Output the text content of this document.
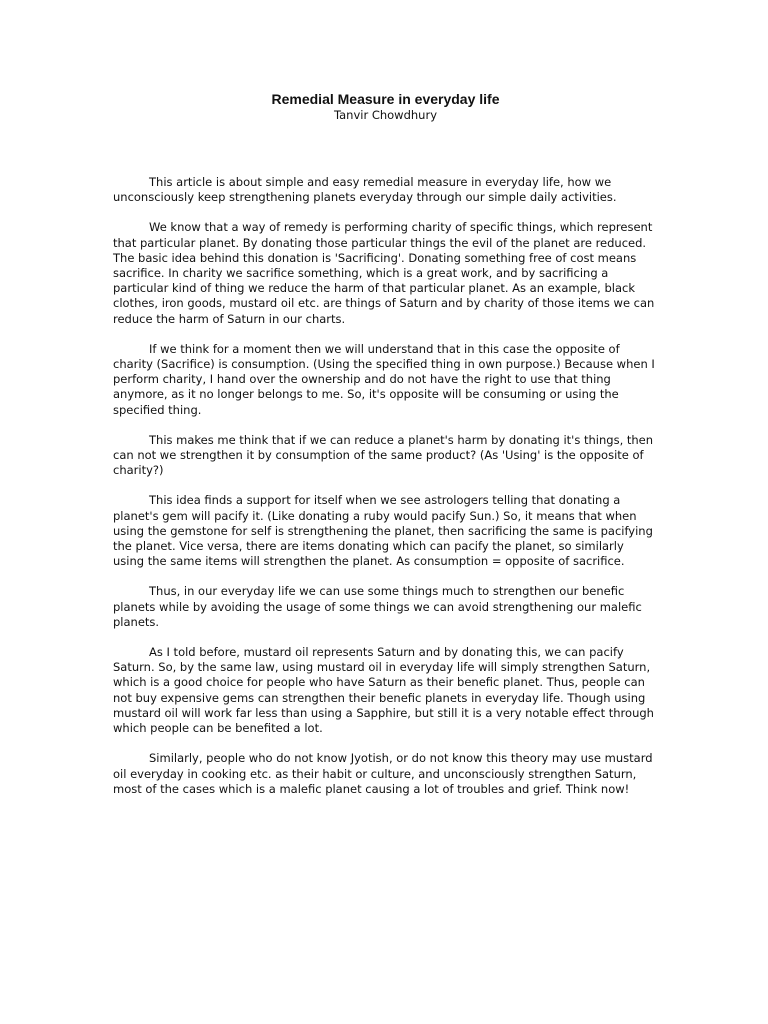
Remedial Measure in everyday life
Tanvir Chowdhury

This article is about simple and easy remedial measure in everyday life, how we unconsciously keep strengthening planets everyday through our simple daily activities.

We know that a way of remedy is performing charity of specific things, which represent that particular planet. By donating those particular things the evil of the planet are reduced. The basic idea behind this donation is 'Sacrificing'. Donating something free of cost means sacrifice. In charity we sacrifice something, which is a great work, and by sacrificing a particular kind of thing we reduce the harm of that particular planet. As an example, black clothes, iron goods, mustard oil etc. are things of Saturn and by charity of those items we can reduce the harm of Saturn in our charts.

If we think for a moment then we will understand that in this case the opposite of charity (Sacrifice) is consumption. (Using the specified thing in own purpose.) Because when I perform charity, I hand over the ownership and do not have the right to use that thing anymore, as it no longer belongs to me. So, it's opposite will be consuming or using the specified thing.

This makes me think that if we can reduce a planet's harm by donating it's things, then can not we strengthen it by consumption of the same product? (As 'Using' is the opposite of charity?)

This idea finds a support for itself when we see astrologers telling that donating a planet's gem will pacify it. (Like donating a ruby would pacify Sun.) So, it means that when using the gemstone for self is strengthening the planet, then sacrificing the same is pacifying the planet. Vice versa, there are items donating which can pacify the planet, so similarly using the same items will strengthen the planet. As consumption = opposite of sacrifice.

Thus, in our everyday life we can use some things much to strengthen our benefic planets while by avoiding the usage of some things we can avoid strengthening our malefic planets.

As I told before, mustard oil represents Saturn and by donating this, we can pacify Saturn. So, by the same law, using mustard oil in everyday life will simply strengthen Saturn, which is a good choice for people who have Saturn as their benefic planet. Thus, people can not buy expensive gems can strengthen their benefic planets in everyday life. Though using mustard oil will work far less than using a Sapphire, but still it is a very notable effect through which people can be benefited a lot.

Similarly, people who do not know Jyotish, or do not know this theory may use mustard oil everyday in cooking etc. as their habit or culture, and unconsciously strengthen Saturn, most of the cases which is a malefic planet causing a lot of troubles and grief. Think now!
